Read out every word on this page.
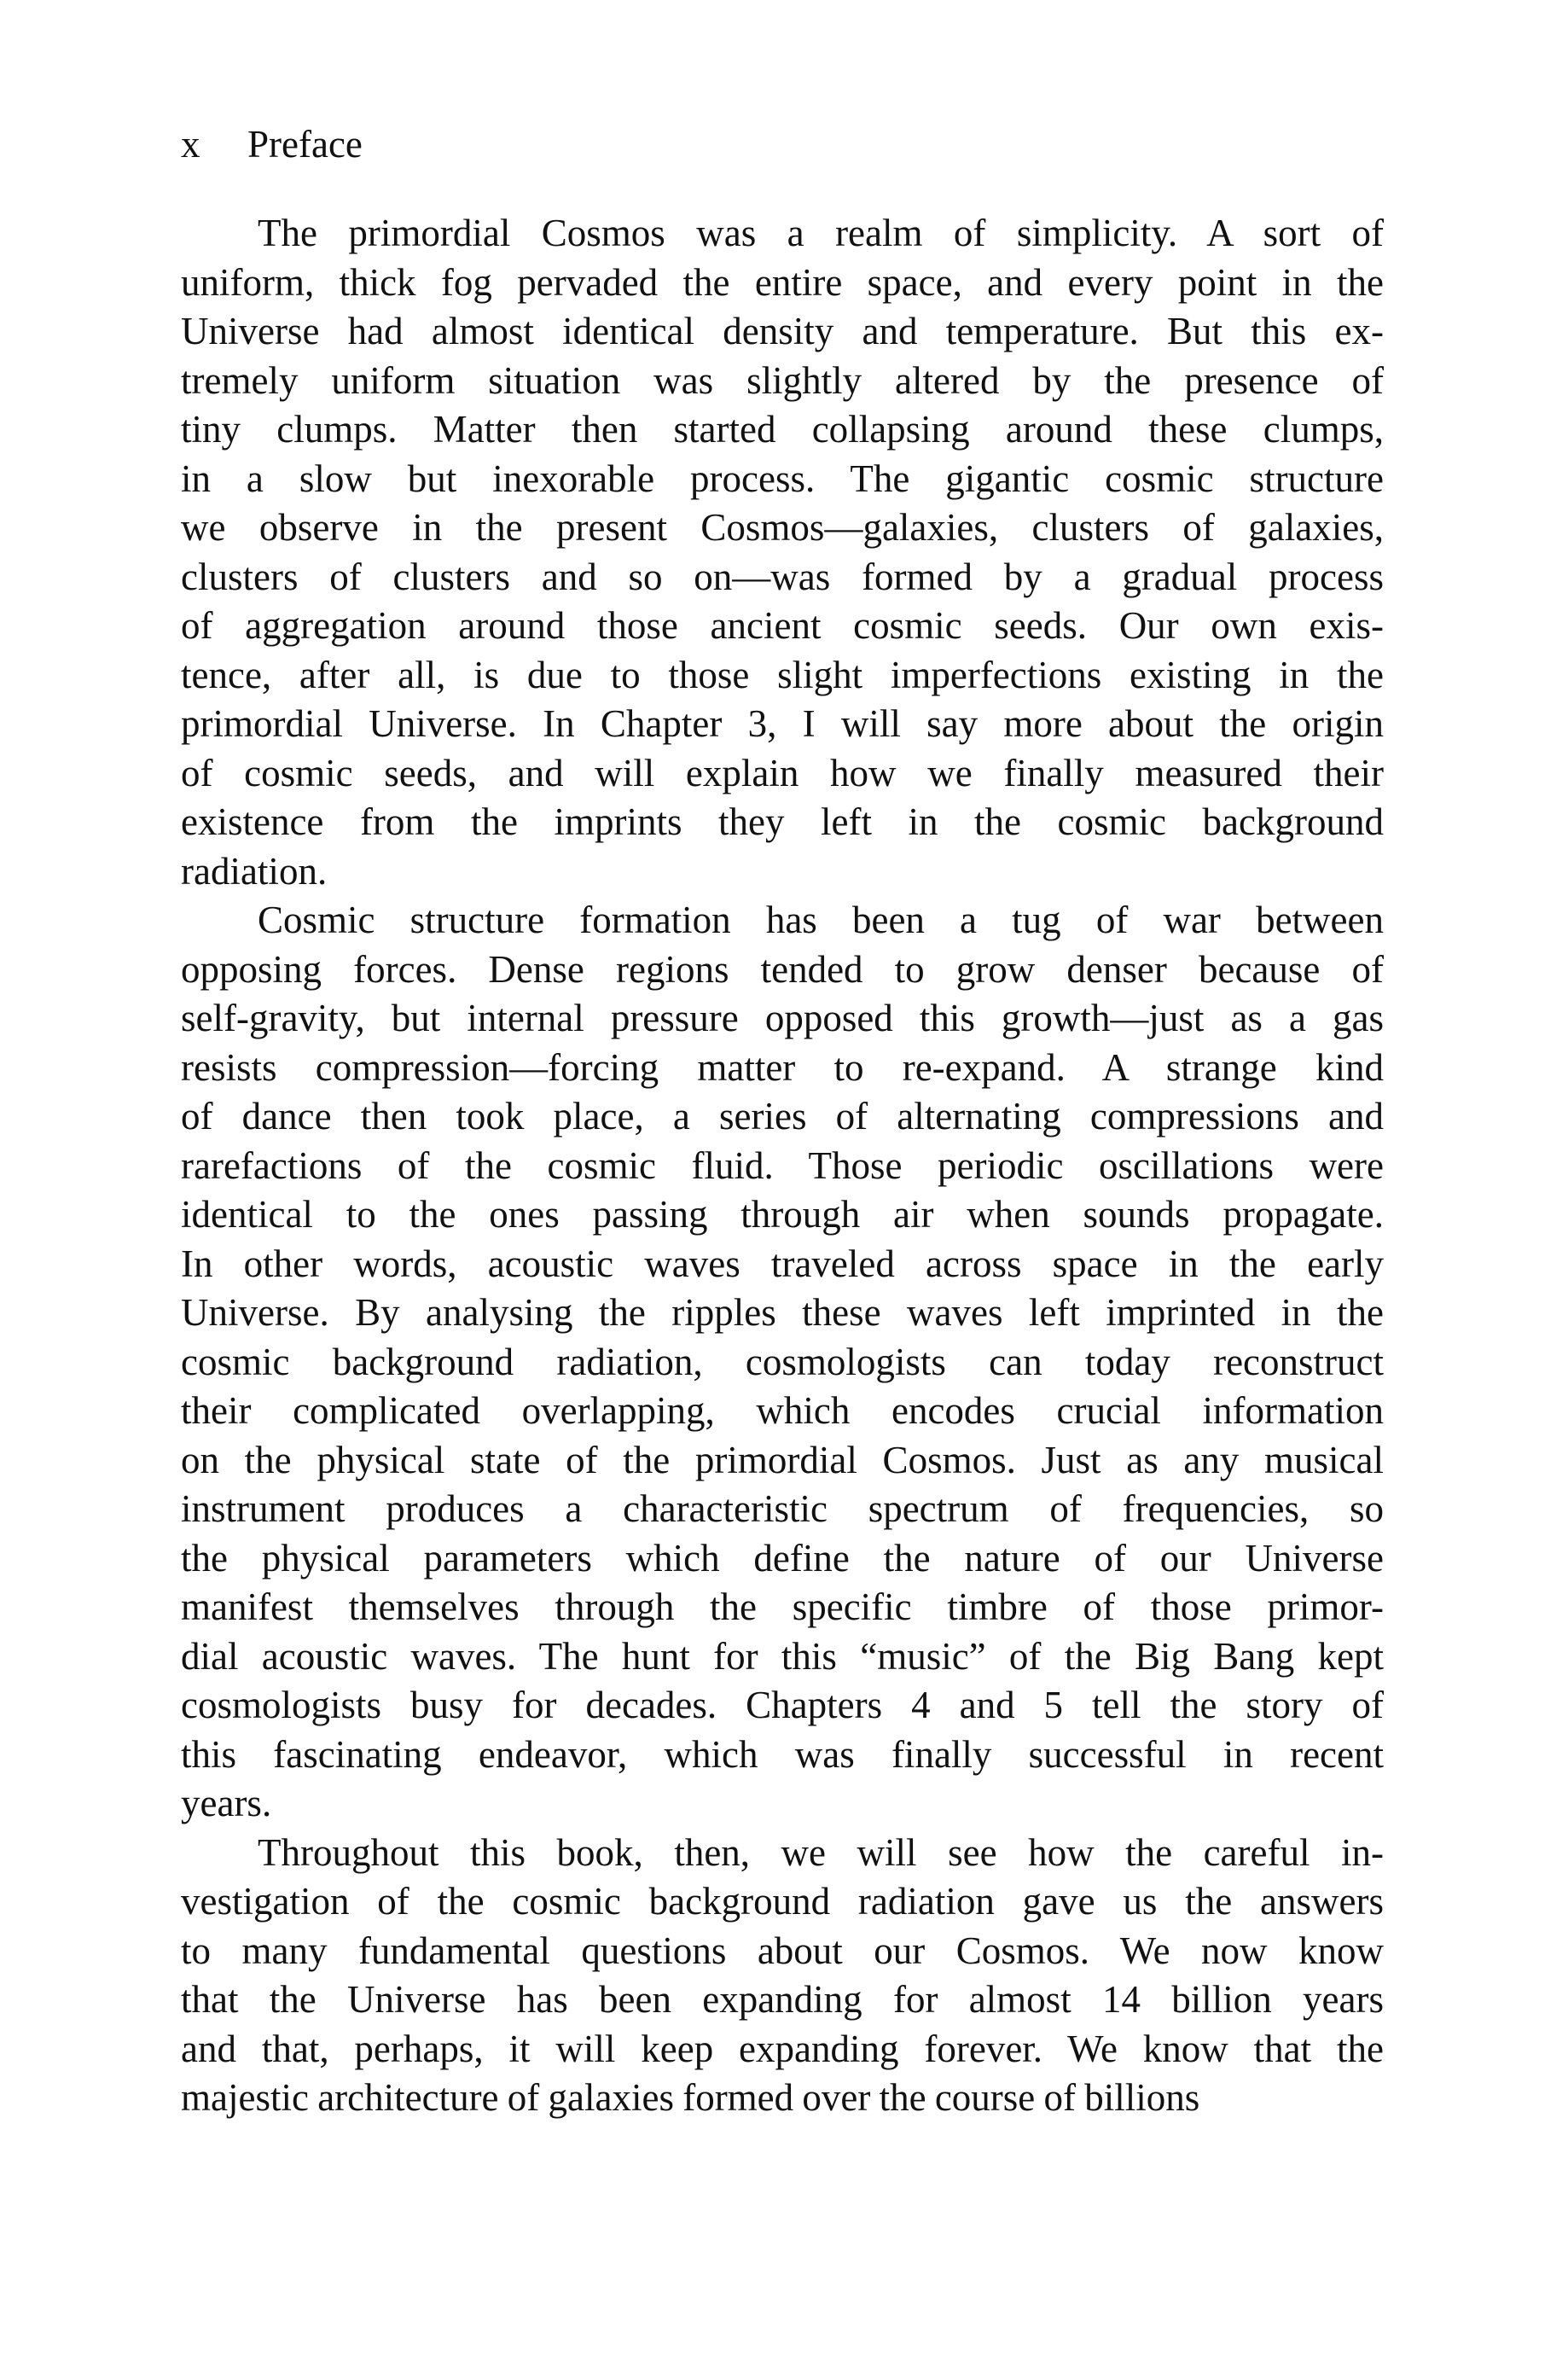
x Preface
The primordial Cosmos was a realm of simplicity. A sort of
uniform, thick fog pervaded the entire space, and every point in the
Universe had almost identical density and temperature. But this ex-
tremely uniform situation was slightly altered by the presence of
tiny clumps. Matter then started collapsing around these clumps,
in a slow but inexorable process. The gigantic cosmic structure
we observe in the present Cosmos—galaxies, clusters of galaxies,
clusters of clusters and so on—was formed by a gradual process
of aggregation around those ancient cosmic seeds. Our own exis-
tence, after all, is due to those slight imperfections existing in the
primordial Universe. In Chapter 3, I will say more about the origin
of cosmic seeds, and will explain how we finally measured their
existence from the imprints they left in the cosmic background
radiation.
Cosmic structure formation has been a tug of war between
opposing forces. Dense regions tended to grow denser because of
self-gravity, but internal pressure opposed this growth—just as a gas
resists compression—forcing matter to re-expand. A strange kind
of dance then took place, a series of alternating compressions and
rarefactions of the cosmic fluid. Those periodic oscillations were
identical to the ones passing through air when sounds propagate.
In other words, acoustic waves traveled across space in the early
Universe. By analysing the ripples these waves left imprinted in the
cosmic background radiation, cosmologists can today reconstruct
their complicated overlapping, which encodes crucial information
on the physical state of the primordial Cosmos. Just as any musical
instrument produces a characteristic spectrum of frequencies, so
the physical parameters which define the nature of our Universe
manifest themselves through the specific timbre of those primor-
dial acoustic waves. The hunt for this “music” of the Big Bang kept
cosmologists busy for decades. Chapters 4 and 5 tell the story of
this fascinating endeavor, which was finally successful in recent
years.
Throughout this book, then, we will see how the careful in-
vestigation of the cosmic background radiation gave us the answers
to many fundamental questions about our Cosmos. We now know
that the Universe has been expanding for almost 14 billion years
and that, perhaps, it will keep expanding forever. We know that the
majestic architecture of galaxies formed over the course of billions
